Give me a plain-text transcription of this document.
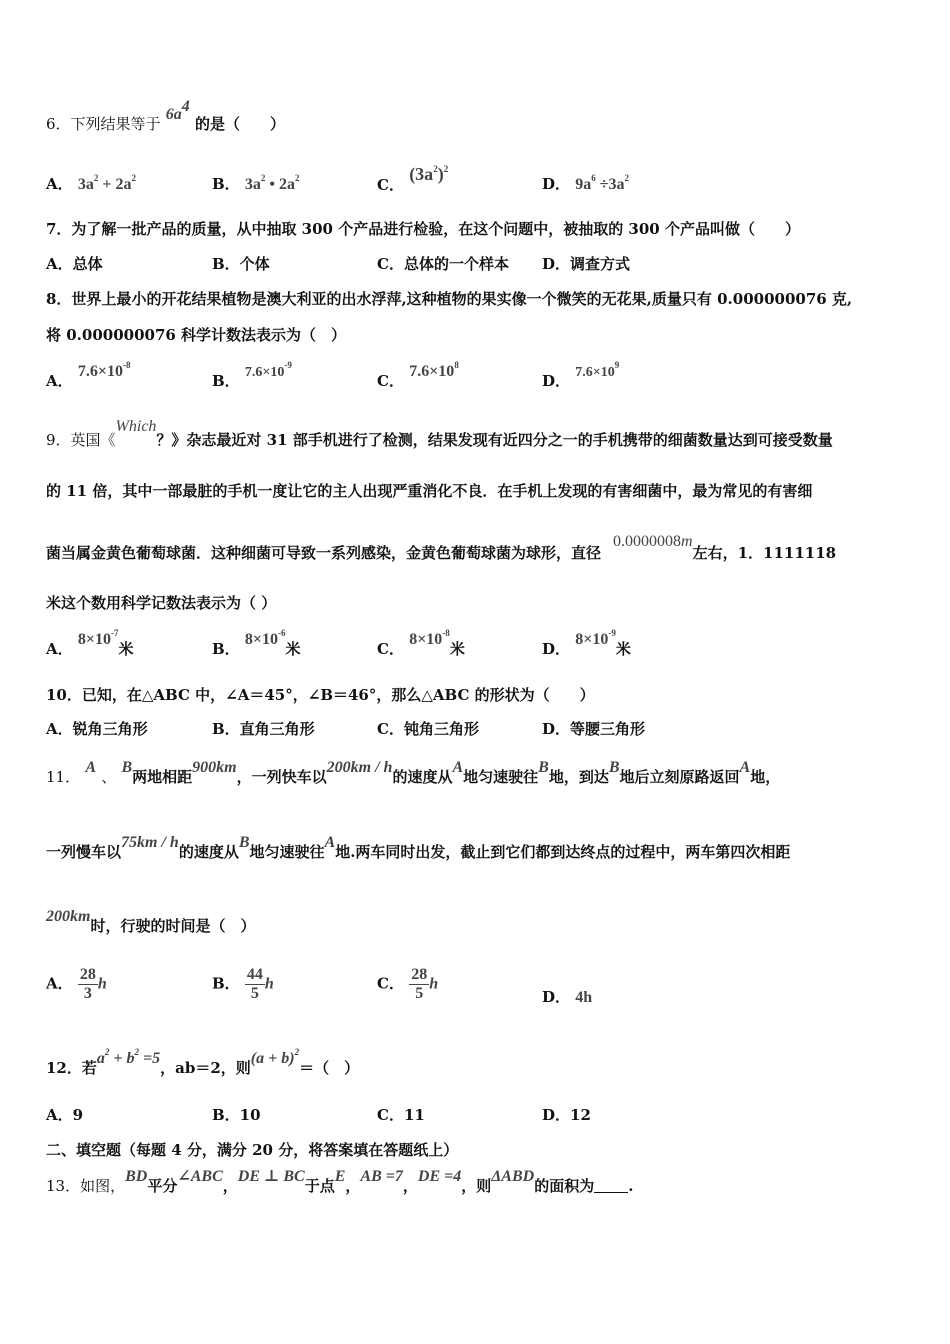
6．下列结果等于 $6a^4$ 的是（　　）
A． $3a^2 + 2a^2$	B． $3a^2$ • $2a^2$	C． $(3a^2)^2$
D． $9a^6 \div 3a^2$
7．为了解一批产品的质量，从中抽取 300 个产品进行检验，在这个问题中，被抽取的 300 个产品叫做（　　）
A．总体	B．个体	C．总体的一个样本 D．调查方式
8．世界上最小的开花结果植物是澳大利亚的出水浮萍,这种植物的果实像一个微笑的无花果,质量只有 0.000000076 克,
将 0.000000076 科学计数法表示为（　）
A． $7.6\times 10^{-8}$
B． $7.6\times 10^{-9}$
C． $7.6\times 10^8$
D． $7.6\times 10^9$
9．英国《Which？》杂志最近对 31 部手机进行了检测，结果发现有近四分之一的手机携带的细菌数量达到可接受数量
的 11 倍，其中一部最脏的手机一度让它的主人出现严重消化不良．在手机上发现的有害细菌中，最为常见的有害细
菌当属金黄色葡萄球菌．这种细菌可导致一系列感染，金黄色葡萄球菌为球形，直径0.0000008m左右，1．1111118
米这个数用科学记数法表示为（ ）
A． $8\times 10^{-7}$米	B． $8\times 10^{-6}$米	C． $8\times 10^{-8}$米	D． $8\times 10^{-9}$米
10．已知，在△ABC 中，∠A＝45°，∠B＝46°，那么△ABC 的形状为（　　）
A．锐角三角形	B．直角三角形	C．钝角三角形	D．等腰三角形
11． A 、 B两地相距900km，一列快车以200km / h的速度从A地匀速驶往B地，到达B地后立刻原路返回A地，
一列慢车以75km / h的速度从B地匀速驶往A地.两车同时出发，截止到它们都到达终点的过程中，两车第四次相距
200km时，行驶的时间是（　）
A． $\frac{28}{3}$ h	B． $\frac{44}{5}$ h	C． $\frac{28}{5}$ h
D． 4h
12．若$a^2 + b^2 =5$，ab＝2，则$(a + b)^2=$（　）
A．9	B．10	C．11	D．12
二、填空题（每题 4 分，满分 20 分，将答案填在答题纸上）
13．如图，BD平分∠ABC，DE ⊥ BC于点E，AB =7，DE =4，则ΔABD的面积为 .
